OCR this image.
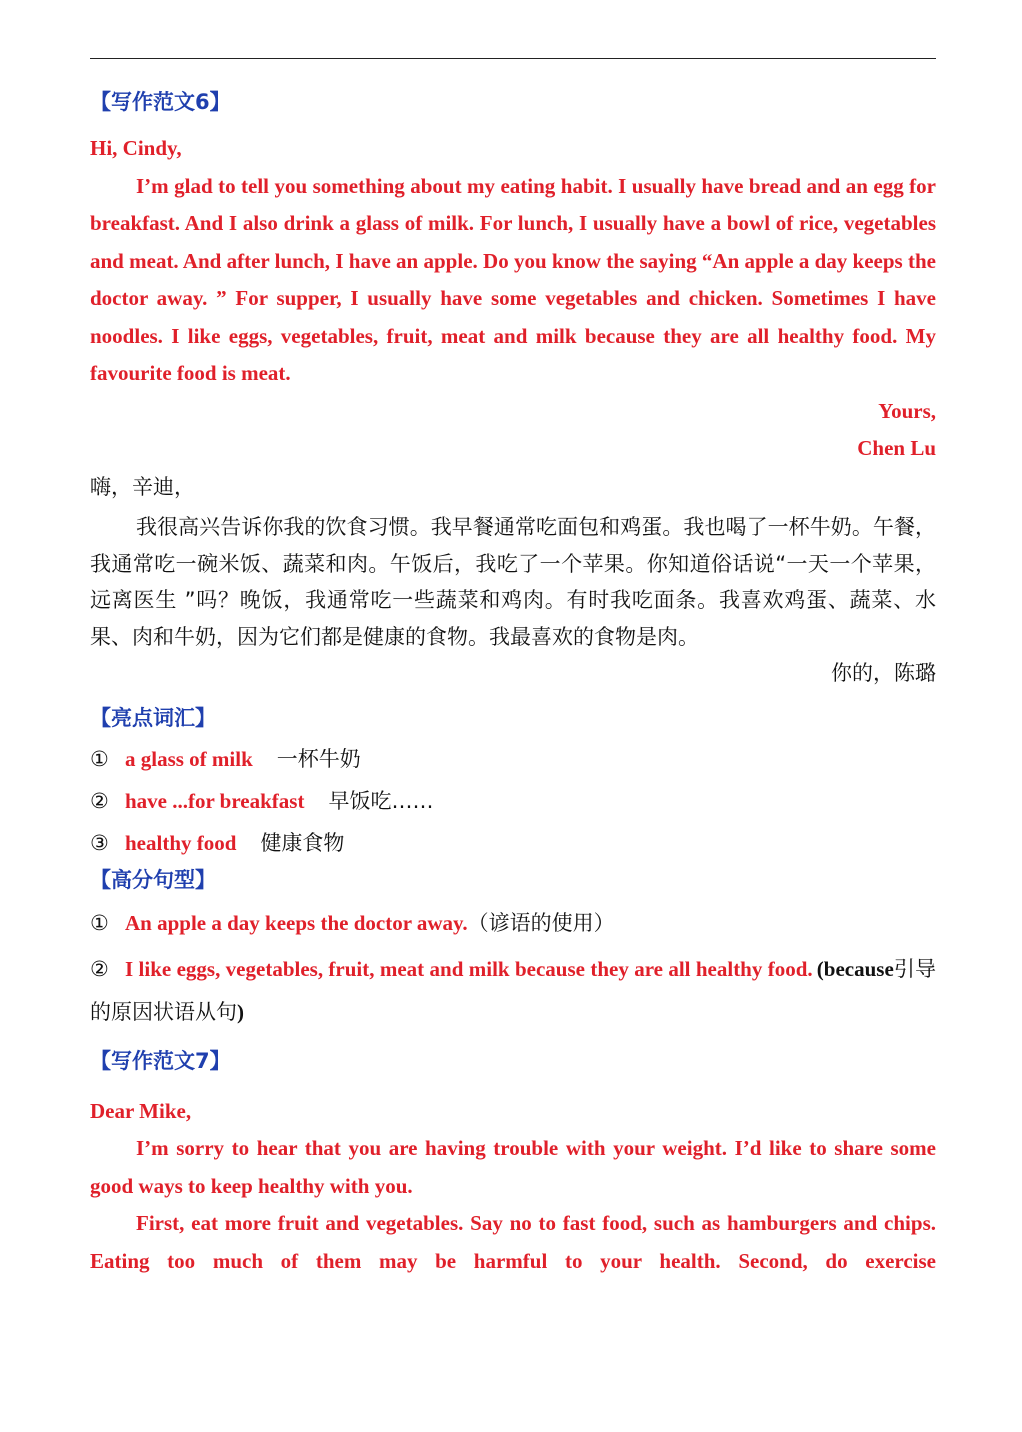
【写作范文6】
Hi, Cindy,
I’m glad to tell you something about my eating habit. I usually have bread and an egg for breakfast. And I also drink a glass of milk. For lunch, I usually have a bowl of rice, vegetables and meat. And after lunch, I have an apple. Do you know the saying “An apple a day keeps the doctor away. ” For supper, I usually have some vegetables and chicken. Sometimes I have noodles. I like eggs, vegetables, fruit, meat and milk because they are all healthy food. My favourite food is meat.
Yours,
Chen Lu
嗨，辛迪，
我很高兴告诉你我的饮食习惯。我早餐通常吃面包和鸡蛋。我也喝了一杯牛奶。午餐，我通常吃一碗米饭、蔬菜和肉。午饭后，我吃了一个苹果。你知道俗话说“一天一个苹果，远离医生 ”吗？晚饭，我通常吃一些蔬菜和鸡肉。有时我吃面条。我喜欢鸡蛋、蔬菜、水果、肉和牛奶，因为它们都是健康的食物。我最喜欢的食物是肉。
你的，陈璐
【亮点词汇】
① a glass of milk 一杯牛奶
② have ...for breakfast 早饭吃……
③ healthy food 健康食物
【高分句型】
① An apple a day keeps the doctor away.（谚语的使用）
② I like eggs, vegetables, fruit, meat and milk because they are all healthy food. (because引导的原因状语从句)
【写作范文7】
Dear Mike,
I’m sorry to hear that you are having trouble with your weight. I’d like to share some good ways to keep healthy with you.
First, eat more fruit and vegetables. Say no to fast food, such as hamburgers and chips. Eating too much of them may be harmful to your health. Second, do exercise
